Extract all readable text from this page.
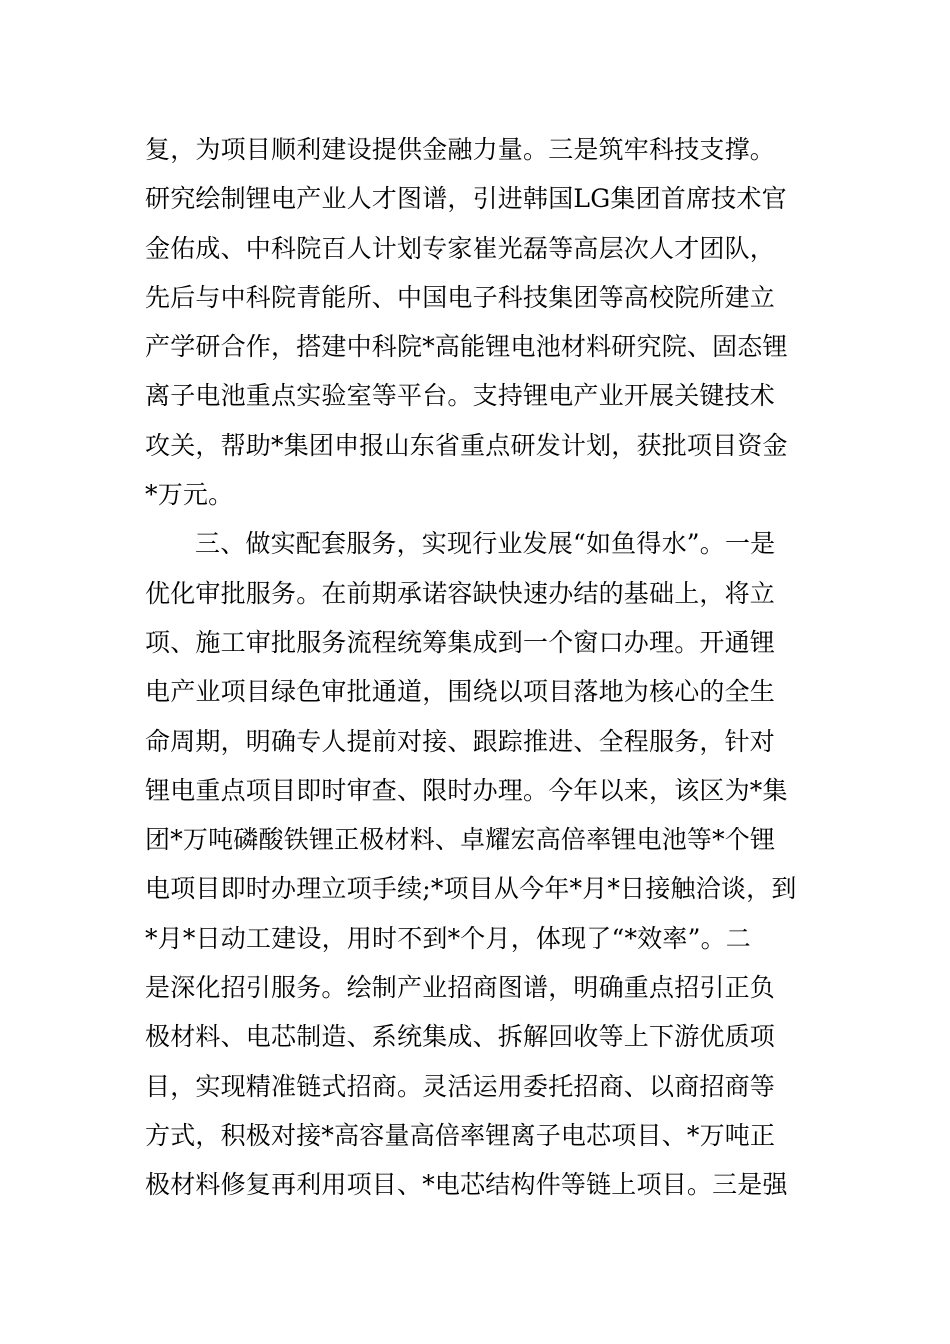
复，为项目顺利建设提供金融力量。三是筑牢科技支撑。
研究绘制锂电产业人才图谱，引进韩国LG集团首席技术官
金佑成、中科院百人计划专家崔光磊等高层次人才团队，
先后与中科院青能所、中国电子科技集团等高校院所建立
产学研合作，搭建中科院*高能锂电池材料研究院、固态锂
离子电池重点实验室等平台。支持锂电产业开展关键技术
攻关，帮助*集团申报山东省重点研发计划，获批项目资金
*万元。
三、做实配套服务，实现行业发展“如鱼得水”。一是
优化审批服务。在前期承诺容缺快速办结的基础上，将立
项、施工审批服务流程统筹集成到一个窗口办理。开通锂
电产业项目绿色审批通道，围绕以项目落地为核心的全生
命周期，明确专人提前对接、跟踪推进、全程服务，针对
锂电重点项目即时审查、限时办理。今年以来，该区为*集
团*万吨磷酸铁锂正极材料、卓耀宏高倍率锂电池等*个锂
电项目即时办理立项手续;*项目从今年*月*日接触洽谈，到
*月*日动工建设，用时不到*个月，体现了“*效率”。二
是深化招引服务。绘制产业招商图谱，明确重点招引正负
极材料、电芯制造、系统集成、拆解回收等上下游优质项
目，实现精准链式招商。灵活运用委托招商、以商招商等
方式，积极对接*高容量高倍率锂离子电芯项目、*万吨正
极材料修复再利用项目、*电芯结构件等链上项目。三是强
